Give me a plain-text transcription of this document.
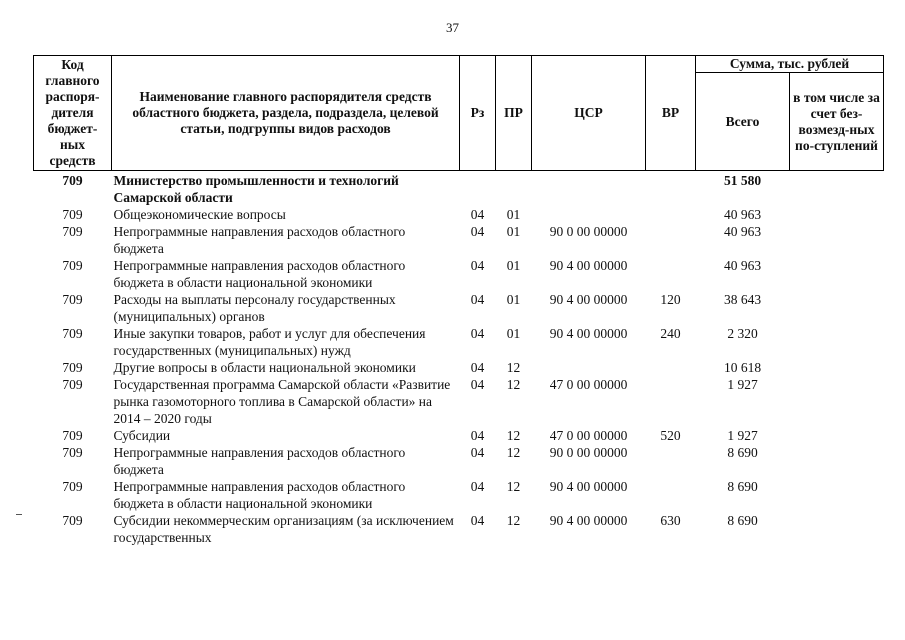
37
Код главного распоря-дителя бюджет-ных средств	Наименование главного распорядителя средств областного бюджета, раздела, подраздела, целевой статьи, подгруппы видов расходов	Рз	ПР	ЦСР	ВР	Сумма, тыс. рублей	
						Всего	в том числе за счет без-возмезд-ных по-ступлений
709	Министерство промышленности и технологий Самарской области					51 580	
709	Общеэкономические вопросы	04	01			40 963	
709	Непрограммные направления расходов областного бюджета	04	01	90 0 00 00000		40 963	
709	Непрограммные направления расходов областного бюджета в области национальной экономики	04	01	90 4 00 00000		40 963	
709	Расходы на выплаты персоналу государственных (муниципальных) органов	04	01	90 4 00 00000	120	38 643	
709	Иные закупки товаров, работ и услуг для обеспечения государственных (муниципальных) нужд	04	01	90 4 00 00000	240	2 320	
709	Другие вопросы в области национальной экономики	04	12			10 618	
709	Государственная программа Самарской области «Развитие рынка газомоторного топлива в Самарской области» на 2014 – 2020 годы	04	12	47 0 00 00000		1 927	
709	Субсидии	04	12	47 0 00 00000	520	1 927	
709	Непрограммные направления расходов областного бюджета	04	12	90 0 00 00000		8 690	
709	Непрограммные направления расходов областного бюджета в области национальной экономики	04	12	90 4 00 00000		8 690	
709	Субсидии некоммерческим организациям (за исключением государственных	04	12	90 4 00 00000	630	8 690	
